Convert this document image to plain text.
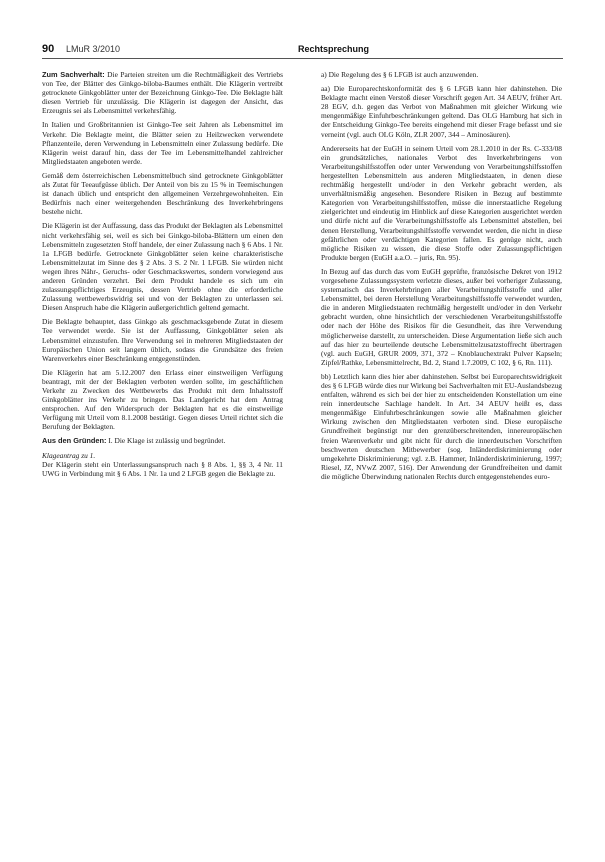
90 LMuR 3/2010	Rechtsprechung

Zum Sachverhalt: Die Parteien streiten um die Rechtmäßigkeit des Vertriebs von Tee, der Blätter des Ginkgo-biloba-Baumes enthält. Die Klägerin vertreibt getrocknete Ginkgoblätter unter der Bezeichnung Ginkgo-Tee. Die Beklagte hält diesen Vertrieb für unzulässig. Die Klägerin ist dagegen der Ansicht, das Erzeugnis sei als Lebensmittel verkehrsfähig.

In Italien und Großbritannien ist Ginkgo-Tee seit Jahren als Lebensmittel im Verkehr. Die Beklagte meint, die Blätter seien zu Heilzwecken verwendete Pflanzenteile, deren Verwendung in Lebensmitteln einer Zulassung bedürfe. Die Klägerin weist darauf hin, dass der Tee im Lebensmittelhandel zahlreicher Mitgliedstaaten angeboten werde.

Gemäß dem österreichischen Lebensmittelbuch sind getrocknete Ginkgoblätter als Zutat für Teeaufgüsse üblich. Der Anteil von bis zu 15 % in Teemischungen ist danach üblich und entspricht den allgemeinen Verzehrgewohnheiten. Ein Bedürfnis nach einer weitergehenden Beschränkung des Inverkehrbringens bestehe nicht.

Die Klägerin ist der Auffassung, dass das Produkt der Beklagten als Lebensmittel nicht verkehrsfähig sei, weil es sich bei Ginkgo-biloba-Blättern um einen den Lebensmitteln zugesetzten Stoff handele, der einer Zulassung nach § 6 Abs. 1 Nr. 1a LFGB bedürfe. Getrocknete Ginkgoblätter seien keine charakteristische Lebensmittelzutat im Sinne des § 2 Abs. 3 S. 2 Nr. 1 LFGB. Sie würden nicht wegen ihres Nähr-, Geruchs- oder Geschmackswertes, sondern vorwiegend aus anderen Gründen verzehrt. Bei dem Produkt handele es sich um ein zulassungspflichtiges Erzeugnis, dessen Vertrieb ohne die erforderliche Zulassung wettbewerbswidrig sei und von der Beklagten zu unterlassen sei. Diesen Anspruch habe die Klägerin außergerichtlich geltend gemacht.

Die Beklagte behauptet, dass Ginkgo als geschmacksgebende Zutat in diesem Tee verwendet werde. Sie ist der Auffassung, Ginkgoblätter seien als Lebensmittel einzustufen. Ihre Verwendung sei in mehreren Mitgliedstaaten der Europäischen Union seit langem üblich, sodass die Grundsätze des freien Warenverkehrs einer Beschränkung entgegenstünden.

Die Klägerin hat am 5.12.2007 den Erlass einer einstweiligen Verfügung beantragt, mit der der Beklagten verboten werden sollte, im geschäftlichen Verkehr zu Zwecken des Wettbewerbs das Produkt mit dem Inhaltsstoff Ginkgoblätter ins Verkehr zu bringen. Das Landgericht hat dem Antrag entsprochen. Auf den Widerspruch der Beklagten hat es die einstweilige Verfügung mit Urteil vom 8.1.2008 bestätigt. Gegen dieses Urteil richtet sich die Berufung der Beklagten.

Aus den Gründen: I. Die Klage ist zulässig und begründet.

Klageantrag zu 1.
Der Klägerin steht ein Unterlassungsanspruch nach § 8 Abs. 1, §§ 3, 4 Nr. 11 UWG in Verbindung mit § 6 Abs. 1 Nr. 1a und 2 LFGB gegen die Beklagte zu.

a) Die Regelung des § 6 LFGB ist auch anzuwenden.

aa) Die Europarechtskonformität des § 6 LFGB kann hier dahinstehen. Die Beklagte macht einen Verstoß dieser Vorschrift gegen Art. 34 AEUV, früher Art. 28 EGV, d.h. gegen das Verbot von Maßnahmen mit gleicher Wirkung wie mengenmäßige Einfuhrbeschränkungen geltend. Das OLG Hamburg hat sich in der Entscheidung Ginkgo-Tee bereits eingehend mit dieser Frage befasst und sie verneint (vgl. auch OLG Köln, ZLR 2007, 344 – Aminosäuren).

Andererseits hat der EuGH in seinem Urteil vom 28.1.2010 in der Rs. C-333/08 ein grundsätzliches, nationales Verbot des Inverkehrbringens von Verarbeitungshilfsstoffen oder unter Verwendung von Verarbeitungshilfsstoffen hergestellten Lebensmitteln aus anderen Mitgliedstaaten, in denen diese rechtmäßig hergestellt und/oder in den Verkehr gebracht werden, als unverhältnismäßig angesehen. Besondere Risiken in Bezug auf bestimmte Kategorien von Verarbeitungshilfsstoffen, müsse die innerstaatliche Regelung zielgerichtet und eindeutig im Hinblick auf diese Kategorien ausgerichtet werden und dürfe nicht auf die Verarbeitungshilfsstoffe als Lebensmittel abstellen, bei denen Herstellung, Verarbeitungshilfsstoffe verwendet werden, die nicht in diese gefährlichen oder verdächtigen Kategorien fallen. Es genüge nicht, auch mögliche Risiken zu wissen, die diese Stoffe oder Zulassungspflichtigen Produkte bergen (EuGH a.a.O. – juris, Rn. 95).

In Bezug auf das durch das vom EuGH geprüfte, französische Dekret von 1912 vorgesehene Zulassungssystem verletzte dieses, außer bei vorheriger Zulassung, systematisch das Inverkehrbringen aller Verarbeitungshilfsstoffe und aller Lebensmittel, bei deren Herstellung Verarbeitungshilfsstoffe verwendet wurden, die in anderen Mitgliedstaaten rechtmäßig hergestellt und/oder in den Verkehr gebracht wurden, ohne hinsichtlich der verschiedenen Verarbeitungshilfsstoffe oder nach der Höhe des Risikos für die Gesundheit, das ihre Verwendung möglicherweise darstellt, zu unterscheiden. Diese Argumentation ließe sich auch auf das hier zu beurteilende deutsche Lebensmittelzusatzstoffrecht übertragen (vgl. auch EuGH, GRUR 2009, 371, 372 – Knoblauchextrakt Pulver Kapseln; Zipfel/Rathke, Lebensmittelrecht, Bd. 2, Stand 1.7.2009, C 102, § 6, Rn. 111).

bb) Letztlich kann dies hier aber dahinstehen. Selbst bei Europarechtswidrigkeit des § 6 LFGB würde dies nur Wirkung bei Sachverhalten mit EU-Auslandsbezug entfalten, während es sich bei der hier zu entscheidenden Konstellation um eine rein innerdeutsche Sachlage handelt. In Art. 34 AEUV heißt es, dass mengenmäßige Einfuhrbeschränkungen sowie alle Maßnahmen gleicher Wirkung zwischen den Mitgliedstaaten verboten sind. Diese europäische Grundfreiheit begünstigt nur den grenzüberschreitenden, innereuropäischen freien Warenverkehr und gibt nicht für durch die innerdeutschen Vorschriften beschwerten deutschen Mitbewerber (sog. Inländerdiskriminierung oder umgekehrte Diskriminierung; vgl. z.B. Hammer, Inländerdiskriminierung, 1997; Riesel, JZ, NVwZ 2007, 516). Der Anwendung der Grundfreiheiten und damit die mögliche Überwindung nationalen Rechts durch entgegenstehendes euro-
